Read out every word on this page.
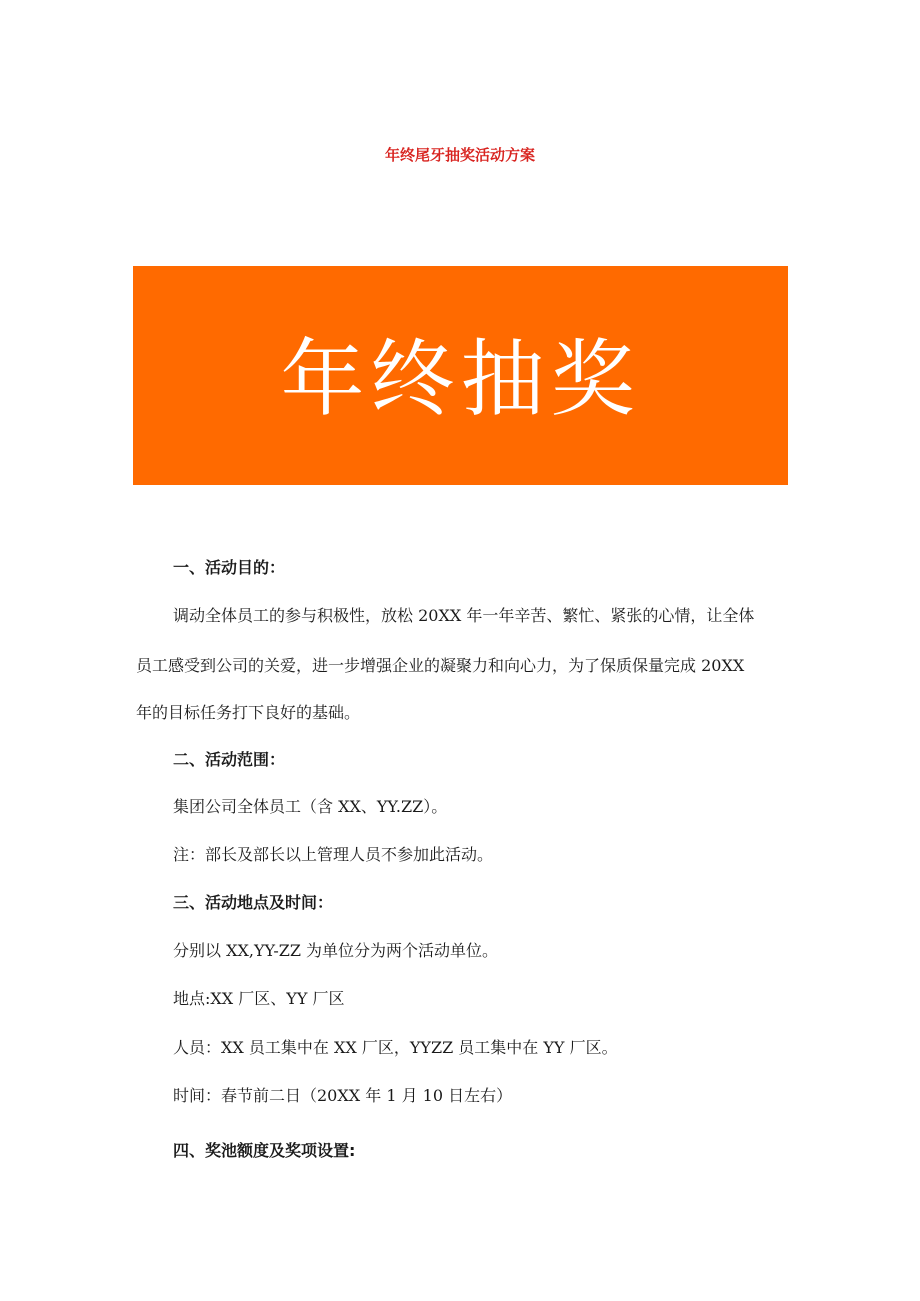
年终尾牙抽奖活动方案
年终抽奖
一、活动目的：
调动全体员工的参与积极性，放松 20XX 年一年辛苦、繁忙、紧张的心情，让全体
员工感受到公司的关爱，进一步增强企业的凝聚力和向心力，为了保质保量完成 20XX
年的目标任务打下良好的基础。
二、活动范围：
集团公司全体员工（含 XX、YY.ZZ）。
注：部长及部长以上管理人员不参加此活动。
三、活动地点及时间：
分别以 XX,YY-ZZ 为单位分为两个活动单位。
地点:XX 厂区、YY 厂区
人员：XX 员工集中在 XX 厂区，YYZZ 员工集中在 YY 厂区。
时间：春节前二日（20XX 年 1 月 10 日左右）
四、奖池额度及奖项设置:
